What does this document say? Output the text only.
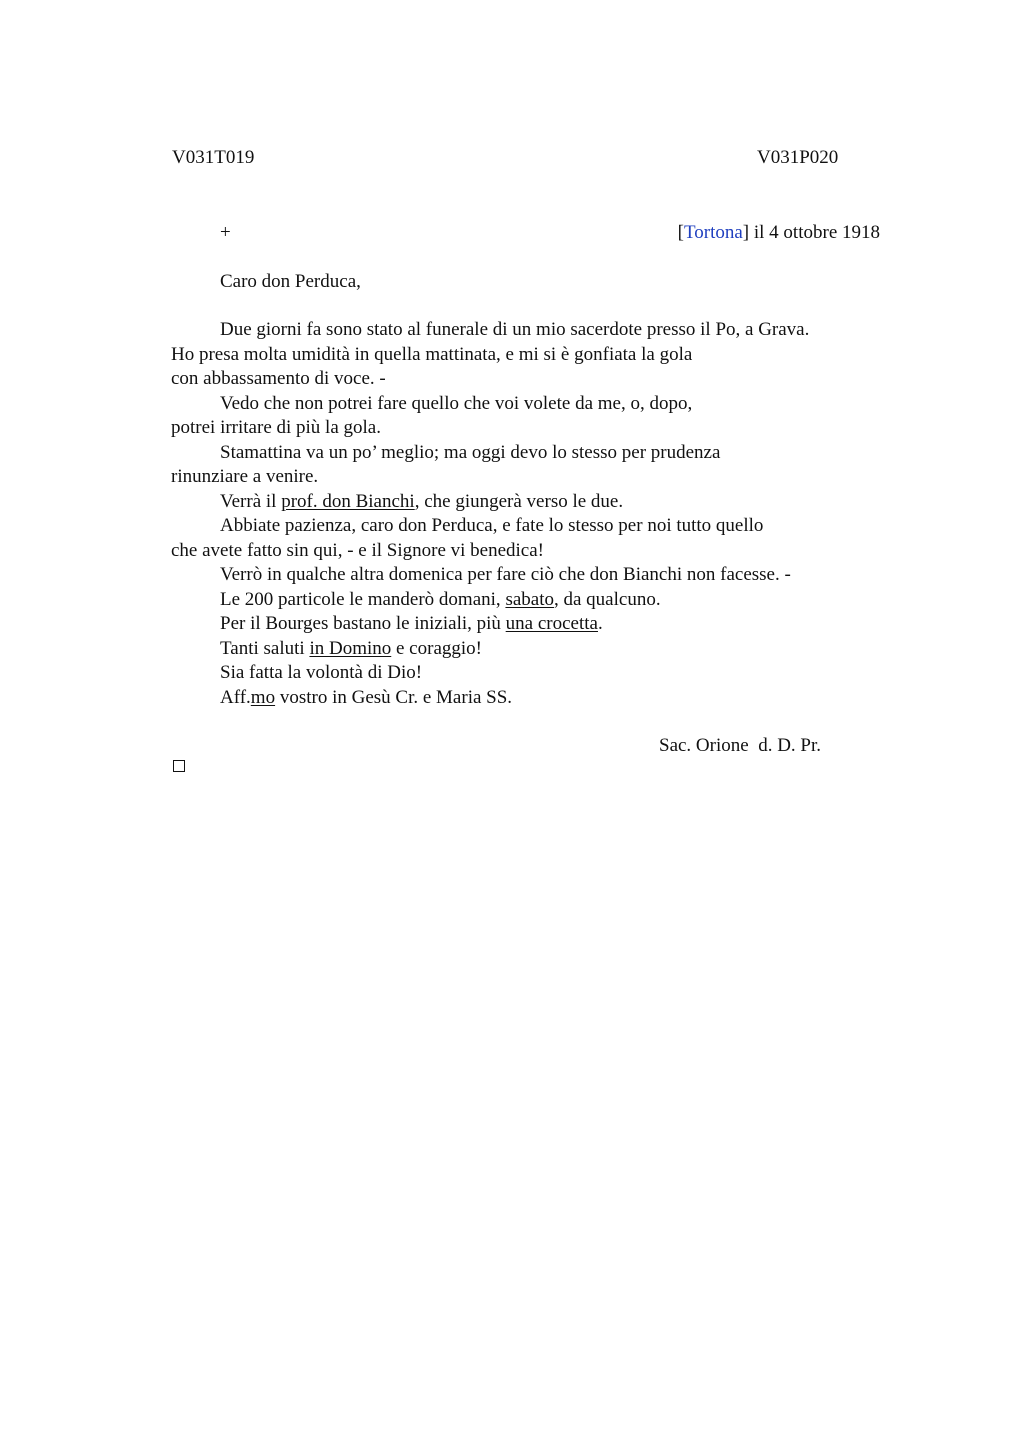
V031T019	V031P020
+	[Tortona] il 4 ottobre 1918
Caro don Perduca,
Due giorni fa sono stato al funerale di un mio sacerdote presso il Po, a Grava.
Ho presa molta umidità in quella mattinata, e mi si è gonfiata la gola
con abbassamento di voce. -
Vedo che non potrei fare quello che voi volete da me, o, dopo,
potrei irritare di più la gola.
Stamattina va un po’ meglio; ma oggi devo lo stesso per prudenza
rinunziare a venire.
Verrà il prof. don Bianchi, che giungerà verso le due.
Abbiate pazienza, caro don Perduca, e fate lo stesso per noi tutto quello
che avete fatto sin qui, - e il Signore vi benedica!
Verrò in qualche altra domenica per fare ciò che don Bianchi non facesse. -
Le 200 particole le manderò domani, sabato, da qualcuno.
Per il Bourges bastano le iniziali, più una crocetta.
Tanti saluti in Domino e coraggio!
Sia fatta la volontà di Dio!
Aff.mo vostro in Gesù Cr. e Maria SS.
Sac. Orione  d. D. Pr.
